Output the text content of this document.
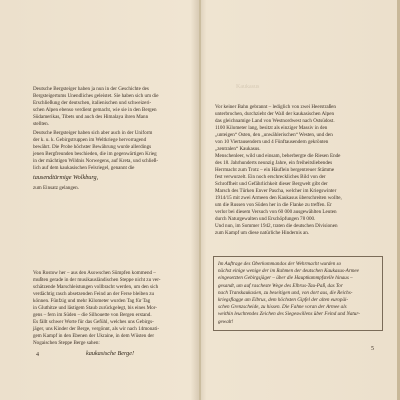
Deutsche Bergsteiger haben ja nun in der Geschichte des
Bergsteigertums Unendliches geleistet. Sie haben sich um die
Erschließung der deutschen, italienischen und schweizeri-
schen Alpen ebenso verdient gemacht, wie sie in den Bergen
Südamerikas, Tibets und auch des Himalaya ihren Mann
stellten.

Deutsche Bergsteiger haben sich aber auch in der Uniform
der k. u. k. Gebirgstruppen im Weltkriege hervorragend
bewährt. Die Probe höchster Bewährung wurde allerdings
jenen Bergfreunden beschieden, die im gegenwärtigen Krieg
in der mächtigen Wildnis Norwegens, auf Kreta, und schließ-
lich auf dem kaukasischen Felsriegel, genannt die

tausendtürmige Wolkburg,

zum Einsatz gelangen.

Von Rostow her – aus den Asowschen Sümpfen kommend –
mußten gerade in der musikausländischen Steppe nicht zu ver-
schätzende Marschleistungen vollbracht werden, um den sich
verdächtig rasch absetzenden Feind an der Ferse bleiben zu
können. Fünfzig und mehr Kilometer wurden Tag für Tag
in Gluthitze und lästigem Staub zurückgelegt, bis eines Mor-
gens – fern im Süden – die Silhouette von Bergen erstand.
Es fällt schwer Worte für das Gefühl, welches uns Gebirgs-
jäger, uns Kinder der Berge, vergönnt, als wir nach 14monati-
gem Kampf in den Ebenen der Ukraine, in dem Wüsten der
Nogaischen Steppe Berge sahen:

kaukasische Berge!
4
Kaukasus

Vor keiner Bahn gebrannt – lediglich von zwei Heerstraßen
unterbrochen, durchzieht der Wall der kaukasischen Alpen
das gleichnamige Land von Westnordwest nach Ostsüdost.
1100 Kilometer lang, besitzt als einziger Massiv in den
„unteigen“ Osten, den „unwählerischen“ Westen, und den
von 10 Viertausendern und 4 Fünftausendern gekrönten
„zentralen“ Kaukasus.
Menschenleer, wild und einsam, beherbergte die Riesen Ende
des 18. Jahrhunderts neunzig Jahre, ein freiheitsliebendes
Herrmacht zum Trotz – ein Häuflein bergentreuer Stämme
fest verwurzelt. Ein noch erschreckliches Bild von der
Schroffheit und Gefährlichkeit dieser Bergwelt gibt der
Marsch des Türken Enver Pascha, welcher im Kriegswinter
1914/15 mit zwei Armeen den Kaukasus überschreiten wollte,
um die Russen von Süden her in die Flanke zu treffen. Er
verlor bei diesem Versuch von 60 000 ausgewählten Leuten
durch Naturgewalten und Erschöpfungen 78 000.
Und nun, im Sommer 1942, traten die deutschen Divisionen
zum Kampf um diese natürliche Hindernis an.

Im Auftrage des Oberkommandos der Wehrmacht wurden so
nächst einige wenige der im Rahmen der deutschen Kaukasus-Armee
eingesetzten Gebirgsjäger – über die Hauptkammpfstelle hinaus –
gesandt, um auf rascheste Wege des Elbrus-Tau-Paß, das Tor
nach Transkaukasien, zu beseitigen und, von dort aus, die Reichs-
kriegsflagge am Elbrus, dem höchsten Gipfel der alten europäi-
schen Grenzscheide, zu hissen. Die Fahne voran der Armee als
weithin leuchtendes Zeichen des Siegeswillens über Feind und Natur-
gewalt!

5
